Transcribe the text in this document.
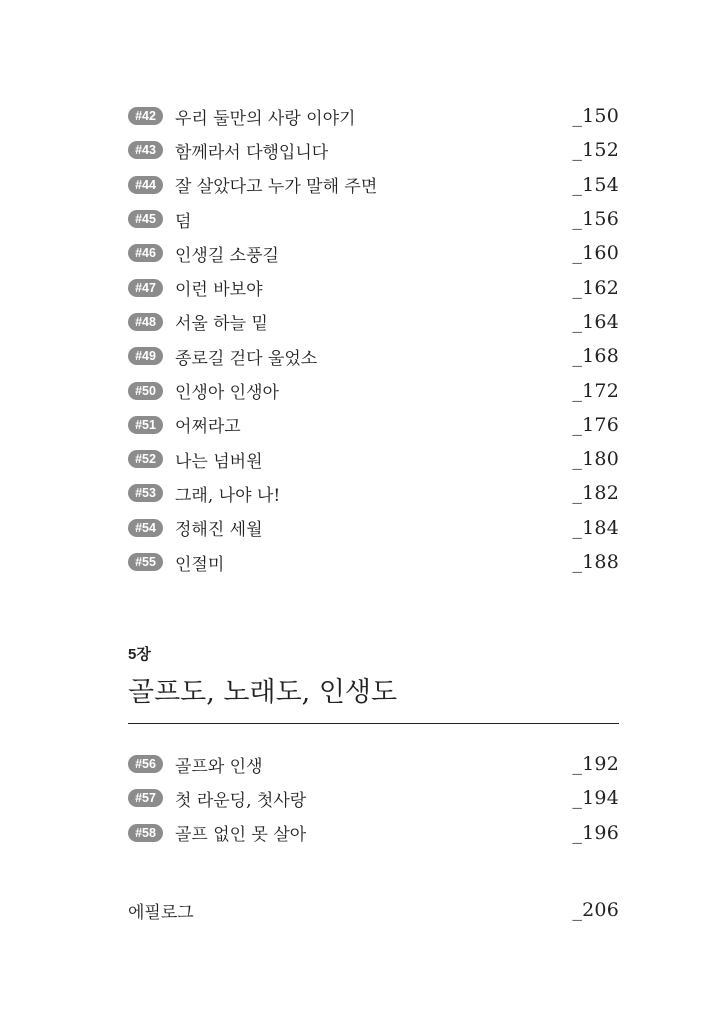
#42	우리 둘만의 사랑 이야기	_150
#43	함께라서 다행입니다	_152
#44	잘 살았다고 누가 말해 주면	_154
#45	덤	_156
#46	인생길 소풍길	_160
#47	이런 바보야	_162
#48	서울 하늘 밑	_164
#49	종로길 걷다 울었소	_168
#50	인생아 인생아	_172
#51	어쩌라고	_176
#52	나는 넘버원	_180
#53	그래, 나야 나!	_182
#54	정해진 세월	_184
#55	인절미	_188
5장
골프도, 노래도, 인생도
#56	골프와 인생	_192
#57	첫 라운딩, 첫사랑	_194
#58	골프 없인 못 살아	_196
에필로그	_206
